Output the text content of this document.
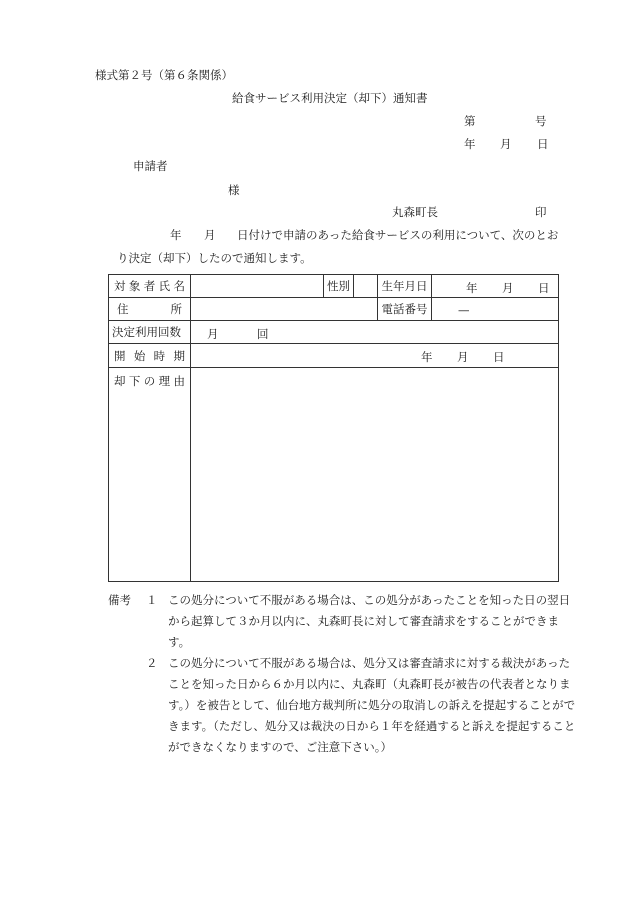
様式第２号（第６条関係）
給食サービス利用決定（却下）通知書
第	号
年 月 日
申請者
様
丸森町長	印
年 月 日付けで申請のあった給食サービスの利用について、次のとお
り決定（却下）したので通知します。
対象者氏名		性別		生年月日	年 月 日

住　所				電話番号	—

決定利用回数	月 回				

開始時期	年 月 日				

却下の理由					

備考 １ この処分について不服がある場合は、この処分があったことを知った日の翌日から起算して３か月以内に、丸森町長に対して審査請求をすることができます。
２ この処分について不服がある場合は、処分又は審査請求に対する裁決があったことを知った日から６か月以内に、丸森町（丸森町長が被告の代表者となります。）を被告として、仙台地方裁判所に処分の取消しの訴えを提起することができます。（ただし、処分又は裁決の日から１年を経過すると訴えを提起することができなくなりますので、ご注意下さい。）
